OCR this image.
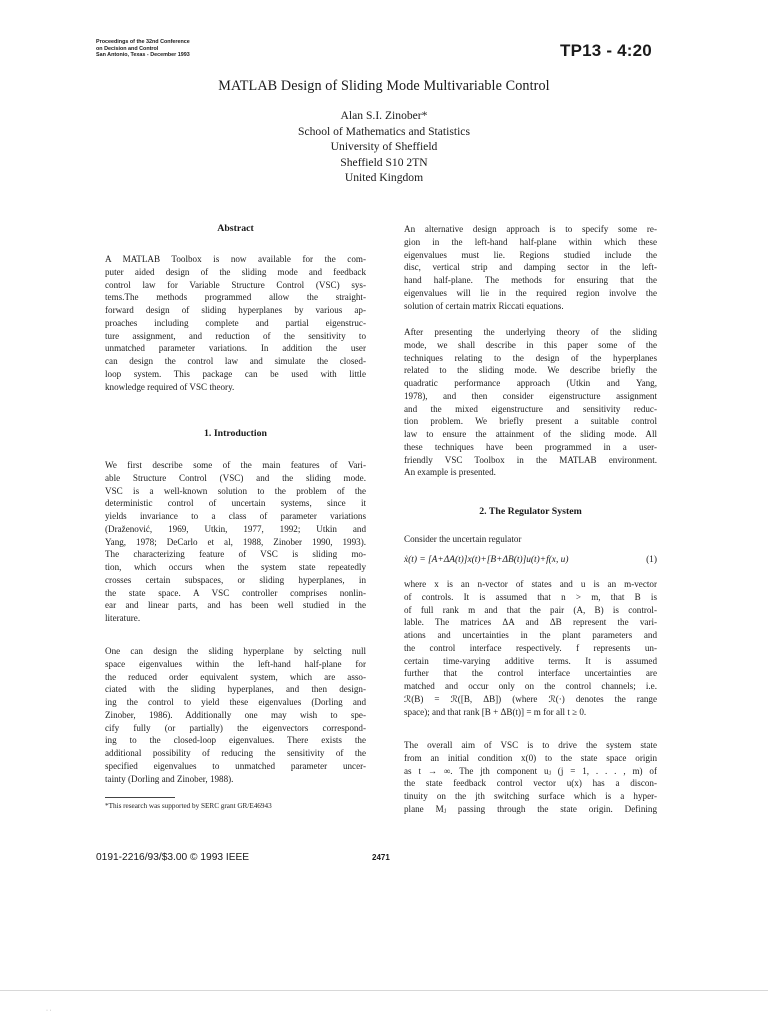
Proceedings of the 32nd Conference
on Decision and Control
San Antonio, Texas - December 1993	TP13 - 4:20
MATLAB Design of Sliding Mode Multivariable Control
Alan S.I. Zinober*
School of Mathematics and Statistics
University of Sheffield
Sheffield S10 2TN
United Kingdom
Abstract
A MATLAB Toolbox is now available for the com-
puter aided design of the sliding mode and feedback
control law for Variable Structure Control (VSC) sys-
tems.The methods programmed allow the straight-
forward design of sliding hyperplanes by various ap-
proaches including complete and partial eigenstruc-
ture assignment, and reduction of the sensitivity to
unmatched parameter variations. In addition the user
can design the control law and simulate the closed-
loop system. This package can be used with little
knowledge required of VSC theory.
1. Introduction
We first describe some of the main features of Vari-
able Structure Control (VSC) and the sliding mode.
VSC is a well-known solution to the problem of the
deterministic control of uncertain systems, since it
yields invariance to a class of parameter variations
(Draženović, 1969, Utkin, 1977, 1992; Utkin and
Yang, 1978; DeCarlo et al, 1988, Zinober 1990, 1993).
The characterizing feature of VSC is sliding mo-
tion, which occurs when the system state repeatedly
crosses certain subspaces, or sliding hyperplanes, in
the state space. A VSC controller comprises nonlin-
ear and linear parts, and has been well studied in the
literature.
One can design the sliding hyperplane by selcting null
space eigenvalues within the left-hand half-plane for
the reduced order equivalent system, which are asso-
ciated with the sliding hyperplanes, and then design-
ing the control to yield these eigenvalues (Dorling and
Zinober, 1986). Additionally one may wish to spe-
cify fully (or partially) the eigenvectors correspond-
ing to the closed-loop eigenvalues. There exists the
additional possibility of reducing the sensitivity of the
specified eigenvalues to unmatched parameter uncer-
tainty (Dorling and Zinober, 1988).
*This research was supported by SERC grant GR/E46943
An alternative design approach is to specify some re-
gion in the left-hand half-plane within which these
eigenvalues must lie. Regions studied include the
disc, vertical strip and damping sector in the left-
hand half-plane. The methods for ensuring that the
eigenvalues will lie in the required region involve the
solution of certain matrix Riccati equations.
After presenting the underlying theory of the sliding
mode, we shall describe in this paper some of the
techniques relating to the design of the hyperplanes
related to the sliding mode. We describe briefly the
quadratic performance approach (Utkin and Yang,
1978), and then consider eigenstructure assignment
and the mixed eigenstructure and sensitivity reduc-
tion problem. We briefly present a suitable control
law to ensure the attainment of the sliding mode. All
these techniques have been programmed in a user-
friendly VSC Toolbox in the MATLAB environment.
An example is presented.
2. The Regulator System
Consider the uncertain regulator
ẋ(t) = [A+ΔA(t)]x(t)+[B+ΔB(t)]u(t)+f(x, u)	(1)
where x is an n-vector of states and u is an m-vector
of controls. It is assumed that n > m, that B is
of full rank m and that the pair (A, B) is control-
lable. The matrices ΔA and ΔB represent the vari-
ations and uncertainties in the plant parameters and
the control interface respectively. f represents un-
certain time-varying additive terms. It is assumed
further that the control interface uncertainties are
matched and occur only on the control channels; i.e.
ℛ(B) = ℛ([B, ΔB]) (where ℛ(·) denotes the range
space); and that rank [B + ΔB(t)] = m for all t ≥ 0.
The overall aim of VSC is to drive the system state
from an initial condition x(0) to the state space origin
as t → ∞. The jth component uⱼ (j = 1, . . . , m) of
the state feedback control vector u(x) has a discon-
tinuity on the jth switching surface which is a hyper-
plane Mⱼ passing through the state origin. Defining
0191-2216/93/$3.00 © 1993 IEEE	2471
· ·
